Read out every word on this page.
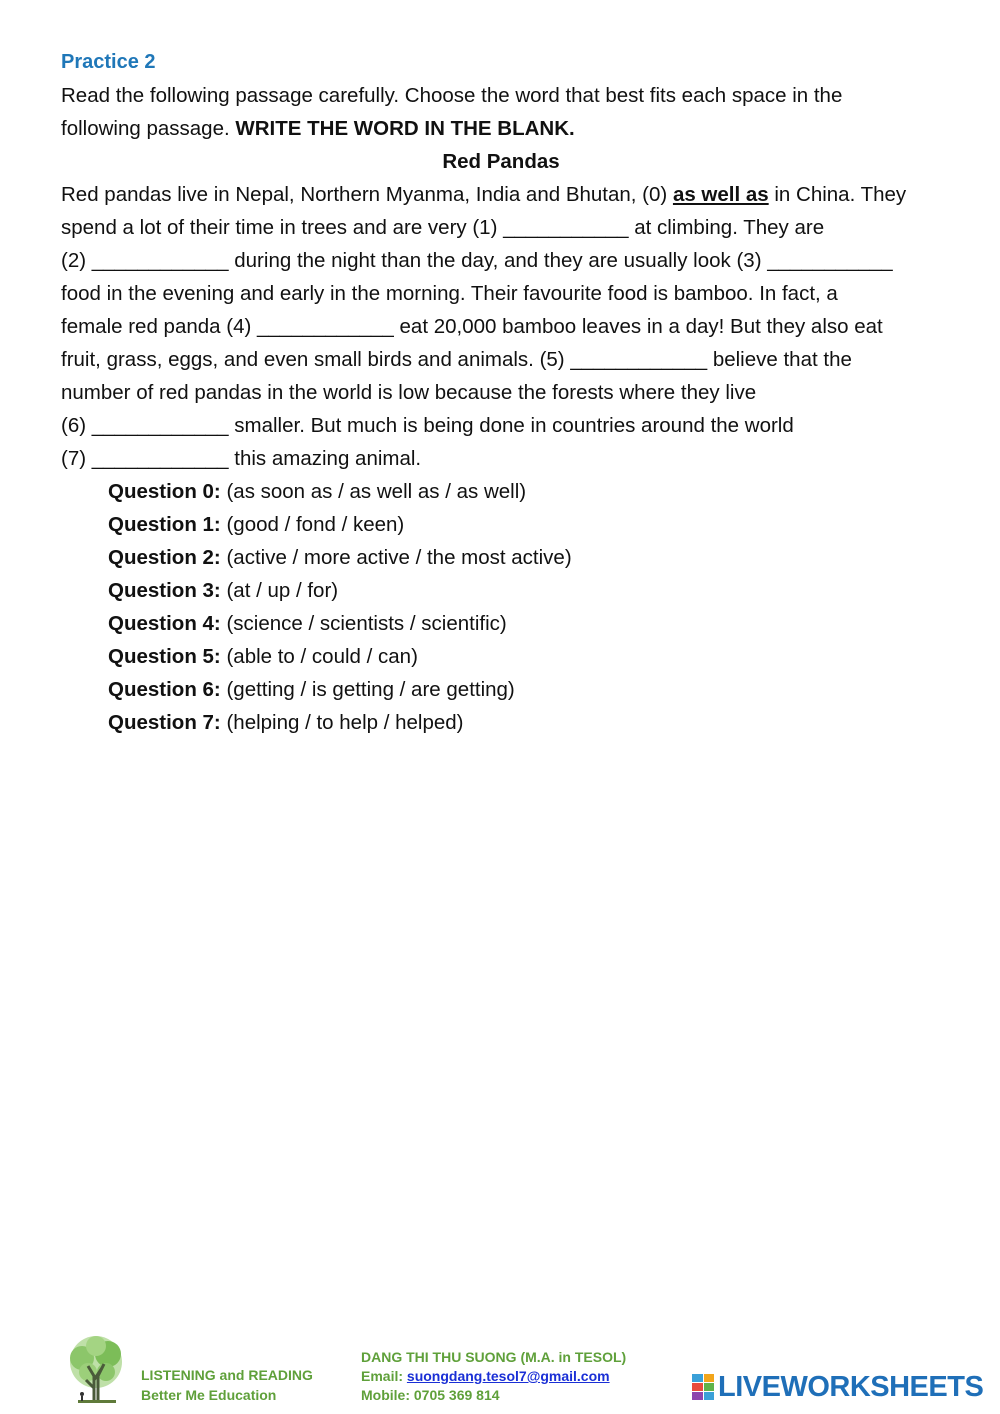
Practice 2

Read the following passage carefully. Choose the word that best fits each space in the

following passage. WRITE THE WORD IN THE BLANK.

Red Pandas

Red pandas live in Nepal, Northern Myanma, India and Bhutan, (0) as well as in China. They

spend a lot of their time in trees and are very (1) ___________ at climbing. They are

(2) ____________ during the night than the day, and they are usually look (3) ___________

food in the evening and early in the morning. Their favourite food is bamboo. In fact, a

female red panda (4) ____________ eat 20,000 bamboo leaves in a day! But they also eat

fruit, grass, eggs, and even small birds and animals. (5) ____________ believe that the

number of red pandas in the world is low because the forests where they live

(6) ____________ smaller. But much is being done in countries around the world

(7) ____________ this amazing animal.

Question 0: (as soon as / as well as / as well)

Question 1: (good / fond / keen)

Question 2: (active / more active / the most active)

Question 3: (at / up / for)

Question 4: (science / scientists / scientific)

Question 5: (able to / could / can)

Question 6: (getting / is getting / are getting)

Question 7: (helping / to help / helped)

LISTENING and READING
Better Me Education
DANG THI THU SUONG (M.A. in TESOL)
Email: suongdang.tesol7@gmail.com
Mobile: 0705 369 814	LIVEWORKSHEETS
